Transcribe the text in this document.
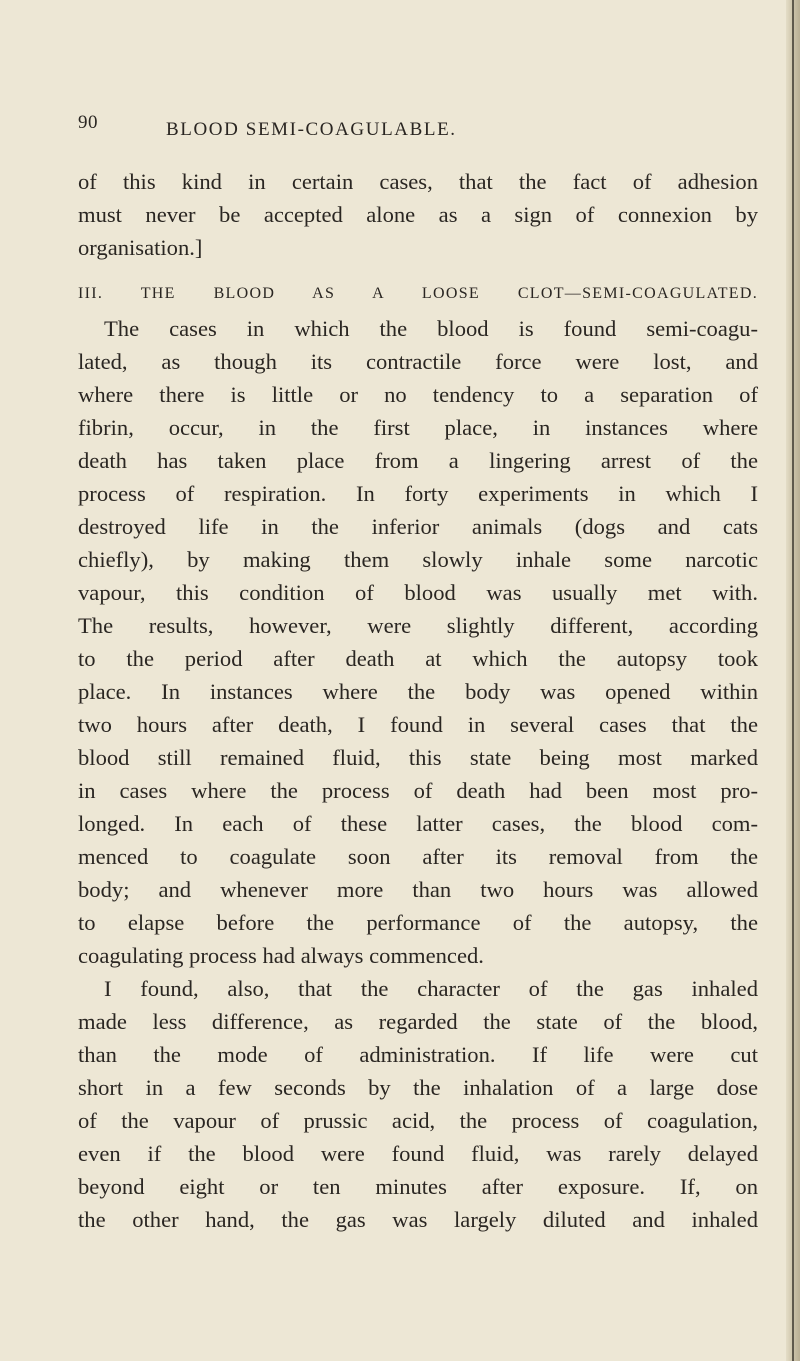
90	BLOOD SEMI-COAGULABLE.
of this kind in certain cases, that the fact of adhesion
must never be accepted alone as a sign of connexion by
organisation.]
III. THE BLOOD AS A LOOSE CLOT—SEMI-COAGULATED.
The cases in which the blood is found semi-coagu-
lated, as though its contractile force were lost, and
where there is little or no tendency to a separation of
fibrin, occur, in the first place, in instances where
death has taken place from a lingering arrest of the
process of respiration. In forty experiments in which I
destroyed life in the inferior animals (dogs and cats
chiefly), by making them slowly inhale some narcotic
vapour, this condition of blood was usually met with.
The results, however, were slightly different, according
to the period after death at which the autopsy took
place. In instances where the body was opened within
two hours after death, I found in several cases that the
blood still remained fluid, this state being most marked
in cases where the process of death had been most pro-
longed. In each of these latter cases, the blood com-
menced to coagulate soon after its removal from the
body; and whenever more than two hours was allowed
to elapse before the performance of the autopsy, the
coagulating process had always commenced.
I found, also, that the character of the gas inhaled
made less difference, as regarded the state of the blood,
than the mode of administration. If life were cut
short in a few seconds by the inhalation of a large dose
of the vapour of prussic acid, the process of coagulation,
even if the blood were found fluid, was rarely delayed
beyond eight or ten minutes after exposure. If, on
the other hand, the gas was largely diluted and inhaled
